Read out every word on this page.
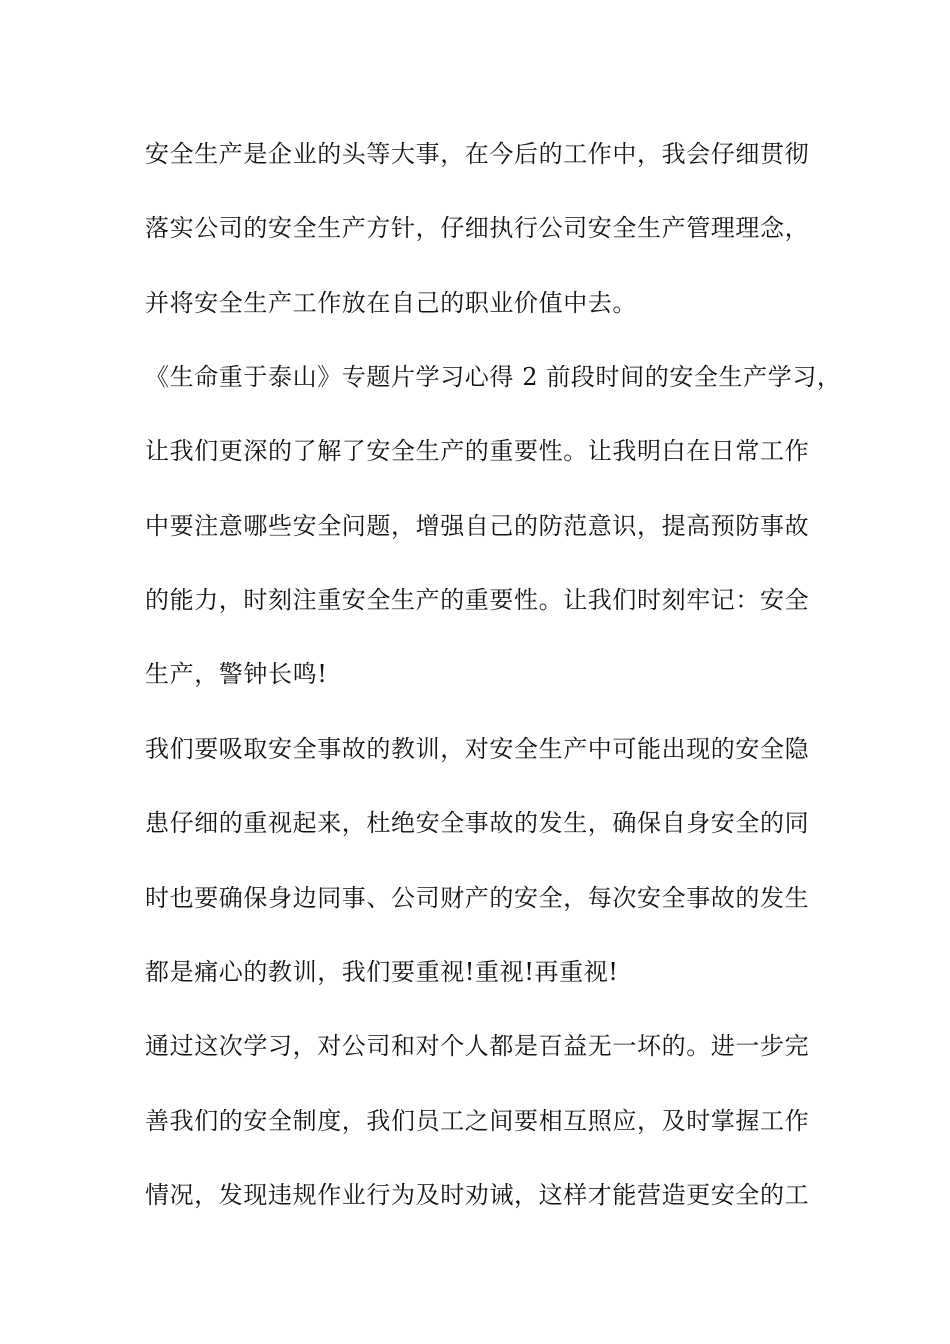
安全生产是企业的头等大事，在今后的工作中，我会仔细贯彻
落实公司的安全生产方针，仔细执行公司安全生产管理理念，
并将安全生产工作放在自己的职业价值中去。
《生命重于泰山》专题片学习心得 2 前段时间的安全生产学习，
让我们更深的了解了安全生产的重要性。让我明白在日常工作
中要注意哪些安全问题，增强自己的防范意识，提高预防事故
的能力，时刻注重安全生产的重要性。让我们时刻牢记：安全
生产，警钟长鸣!
我们要吸取安全事故的教训，对安全生产中可能出现的安全隐
患仔细的重视起来，杜绝安全事故的发生，确保自身安全的同
时也要确保身边同事、公司财产的安全，每次安全事故的发生
都是痛心的教训，我们要重视!重视!再重视!
通过这次学习，对公司和对个人都是百益无一坏的。进一步完
善我们的安全制度，我们员工之间要相互照应，及时掌握工作
情况，发现违规作业行为及时劝诫，这样才能营造更安全的工
